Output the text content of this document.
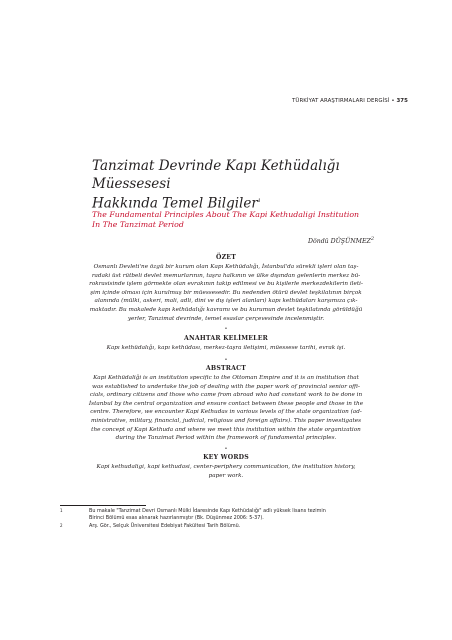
TÜRKİYAT ARAŞTIRMALARI DERGİSİ • 375
Tanzimat Devrinde Kapı Kethüdalığı Müessesesi
Hakkında Temel Bilgiler$^1$
The Fundamental Principles About The Kapi Kethudaligi Institution
In The Tanzimat Period
Döndü DÜŞÜNMEZ$^2$
ÖZET
Osmanlı Devleti'ne özgü bir kurum olan Kapı Kethüdalığı, İstanbul'da sürekli işleri olan taş-
radaki üst rütbeli devlet memurlarının, taşra halkının ve ülke dışından gelenlerin merkez bü-
rokrasisinde işlem görmekte olan evrakının takip edilmesi ve bu kişilerle merkezdekilerin ileti-
şim içinde olması için kurulmuş bir müessesedir. Bu nedenden ötürü devlet teşkilatının birçok
alanında (mülki, askeri, mali, adli, dini ve dış işleri alanları) kapı kethüdaları karşımıza çık-
maktadır. Bu makalede kapı kethüdalığı kavramı ve bu kurumun devlet teşkilatında görüldüğü
yerler, Tanzimat devrinde, temel esaslar çerçevesinde incelenmiştir.
•
ANAHTAR KELİMELER
Kapı kethüdalığı, kapı kethüdası, merkez-taşra iletişimi, müessese tarihi, evrak işi.
•
ABSTRACT
Kapi Kethüdaliği is an institution specific to the Ottoman Empire and it is an institution that
was established to undertake the job of dealing with the paper work of provincial senior offi-
cials, ordinary citizens and those who came from abroad who had constant work to be done in
İstanbul by the central organization and ensure contact between these people and those in the
centre. Therefore, we encounter Kapi Kethudas in various levels of the state organization (ad-
ministrative, military, financial, judicial, religious and foreign affairs). This paper investigates
the concept of Kapi Kethuda and where we meet this institution within the state organization
during the Tanzimat Period within the framework of fundamental principles.
•
KEY WORDS
Kapi kethudaligi, kapi kethudasi, center-periphery communication, the institution history,
paper work.
1	Bu makale "Tanzimat Devri Osmanlı Mülki İdaresinde Kapı Kethüdalığı" adlı yüksek lisans tezimin
Birinci Bölümü esas alınarak hazırlanmıştır (Bk. Düşünmez 2006: 5-37).
2	Arş. Gör., Selçuk Üniversitesi Edebiyat Fakültesi Tarih Bölümü.
